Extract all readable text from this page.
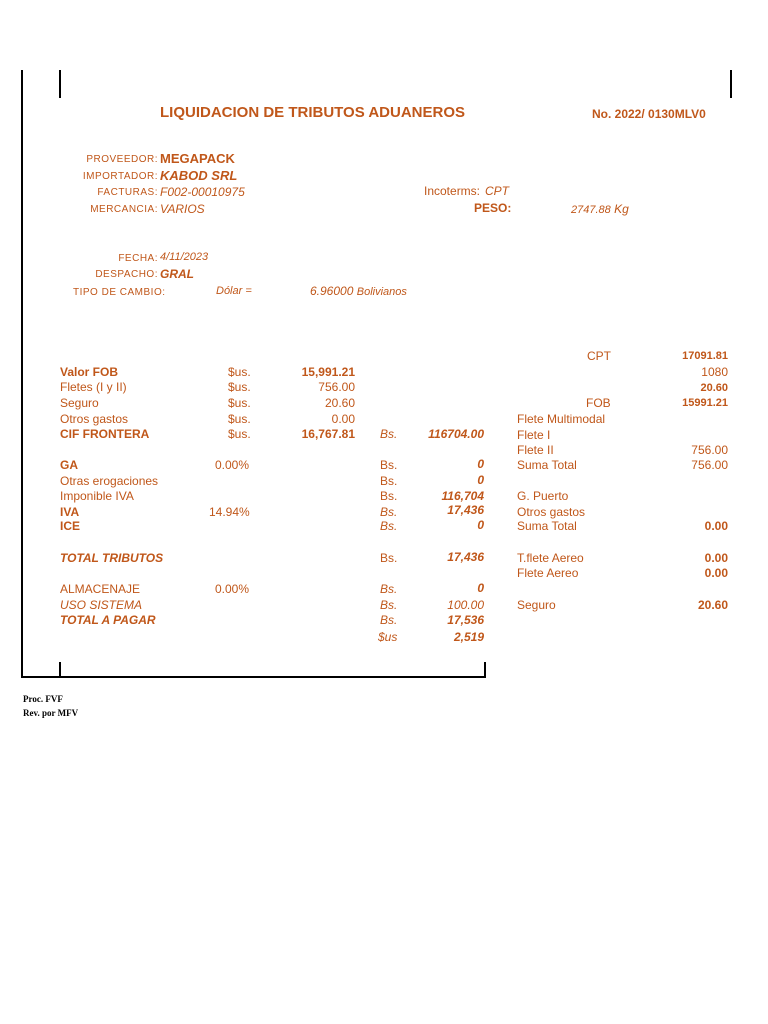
LIQUIDACION DE TRIBUTOS ADUANEROS	No. 2022/ 0130MLV0
PROVEEDOR: MEGAPACK
IMPORTADOR: KABOD SRL
FACTURAS: F002-00010975
MERCANCIA: VARIOS
Incoterms: CPT
PESO:	2747.88 Kg
FECHA: 4/11/2023
DESPACHO: GRAL
TIPO DE CAMBIO:	Dólar =	6.96000 Bolivianos
Valor FOB	$us.	15,991.21
Fletes (I y II)	$us.	756.00
Seguro	$us.	20.60
Otros gastos	$us.	0.00
CIF FRONTERA	$us.	16,767.81 Bs.	116704.00
GA	0.00%	Bs.	0
Otras erogaciones	Bs.	0
Imponible IVA	Bs.	116,704
IVA	14.94%	Bs.	17,436
ICE	Bs.	0
TOTAL TRIBUTOS	Bs.	17,436
ALMACENAJE	0.00%	Bs.	0
USO SISTEMA	Bs.	100.00
TOTAL A PAGAR	Bs.	17,536
$us	2,519
CPT	17091.81
1080
20.60
FOB	15991.21
Flete Multimodal
Flete I
Flete II	756.00
Suma Total	756.00
G. Puerto
Otros gastos
Suma Total	0.00
T.flete Aereo	0.00
Flete Aereo	0.00
Seguro	20.60
Proc. FVF
Rev. por MFV
